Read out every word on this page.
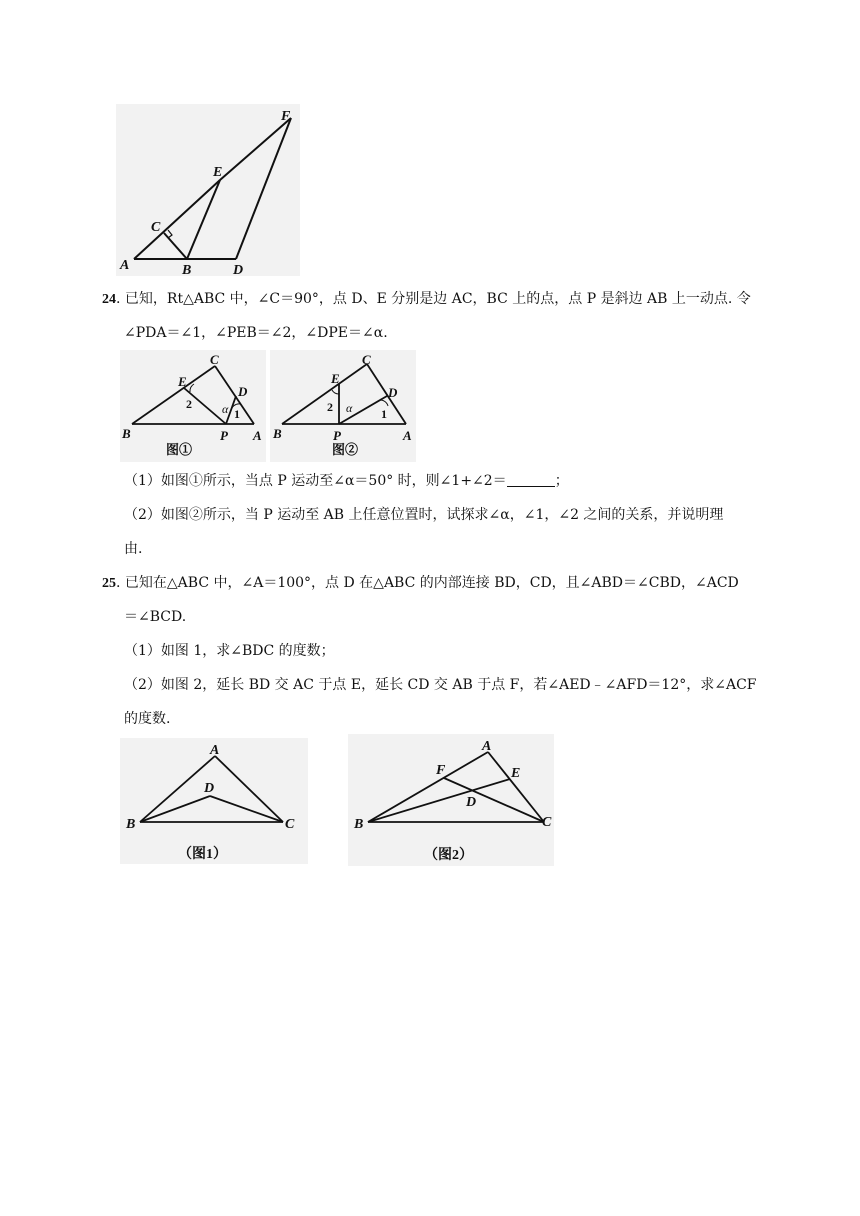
A	B
C
D
E
F
24. 已知，Rt△ABC 中，∠C＝90°，点 D、E 分别是边 AC，BC 上的点，点 P 是斜边 AB 上一动点. 令
∠PDA＝∠1，∠PEB＝∠2，∠DPE＝∠α.
B
C
E
D
P A
2	α 1
图①
B
C
E
D
P	A
2 α 1
图②
（1）如图①所示，当点 P 运动至∠α＝50° 时，则∠1+∠2＝	；
（2）如图②所示，当 P 运动至 AB 上任意位置时，试探求∠α，∠1，∠2 之间的关系，并说明理
由.
25. 已知在△ABC 中，∠A＝100°，点 D 在△ABC 的内部连接 BD，CD，且∠ABD＝∠CBD，∠ACD
＝∠BCD.
（1）如图 1，求∠BDC 的度数；
（2）如图 2，延长 BD 交 AC 于点 E，延长 CD 交 AB 于点 F，若∠AED﹣∠AFD＝12°，求∠ACF
的度数.
B
A
D
C
（图1）
B
A
F	E
D
C
（图2）
